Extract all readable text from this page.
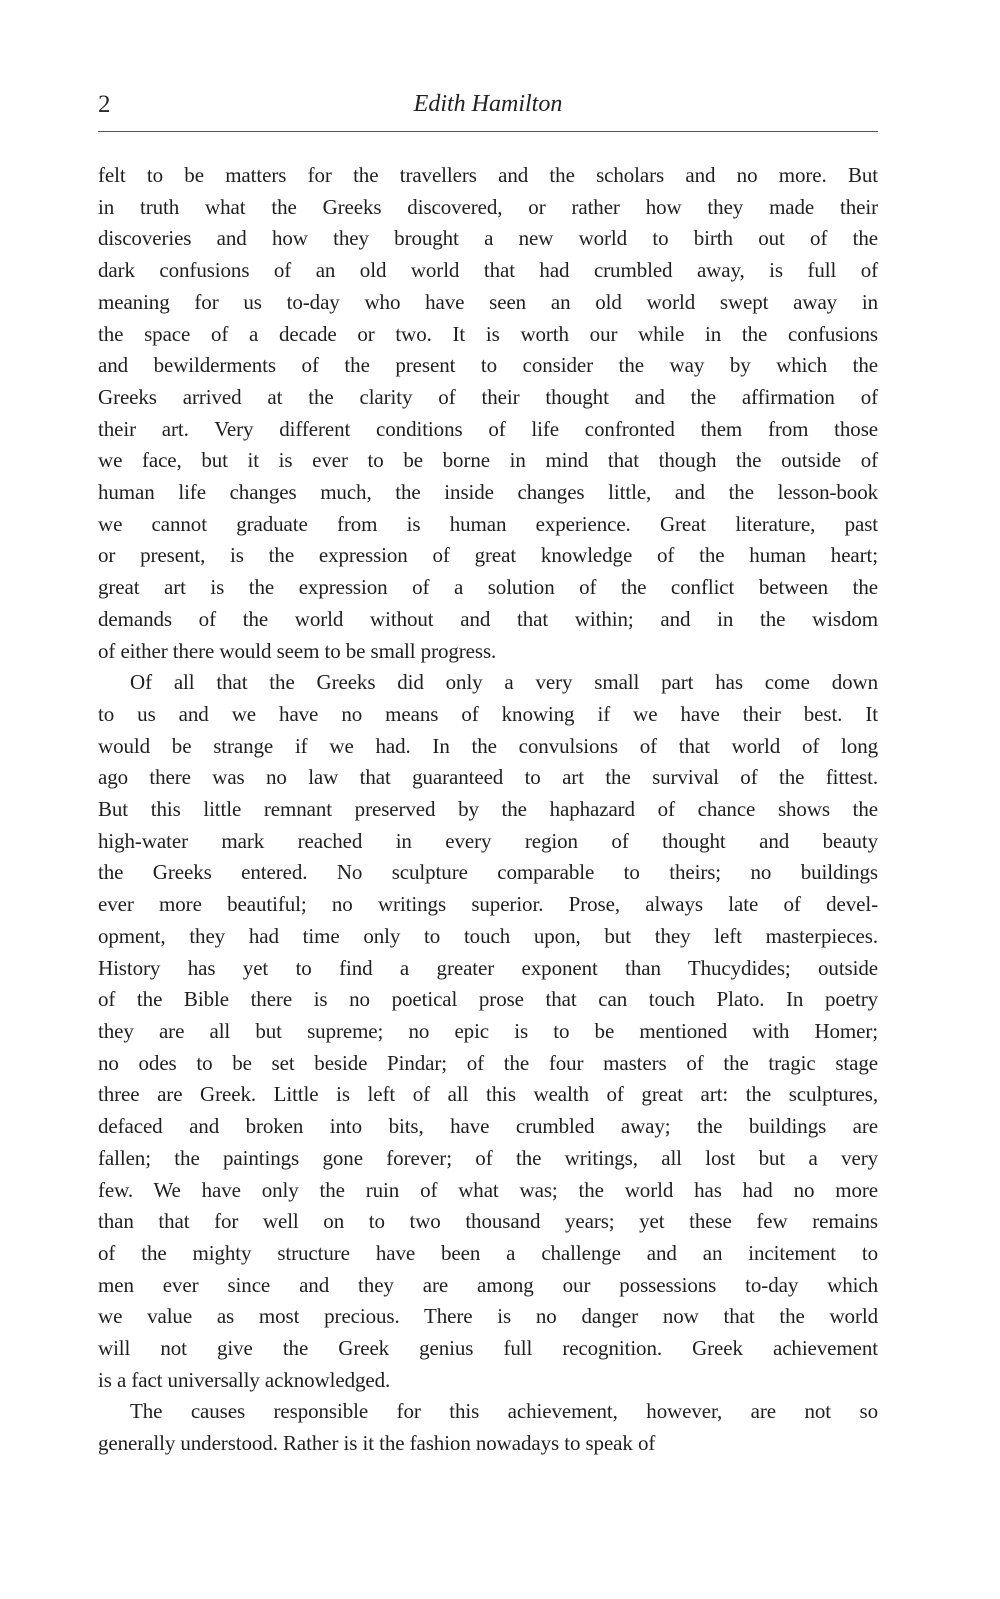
2	Edith Hamilton

felt to be matters for the travellers and the scholars and no more. But
in truth what the Greeks discovered, or rather how they made their
discoveries and how they brought a new world to birth out of the
dark confusions of an old world that had crumbled away, is full of
meaning for us to-day who have seen an old world swept away in
the space of a decade or two. It is worth our while in the confusions
and bewilderments of the present to consider the way by which the
Greeks arrived at the clarity of their thought and the affirmation of
their art. Very different conditions of life confronted them from those
we face, but it is ever to be borne in mind that though the outside of
human life changes much, the inside changes little, and the lesson-book
we cannot graduate from is human experience. Great literature, past
or present, is the expression of great knowledge of the human heart;
great art is the expression of a solution of the conflict between the
demands of the world without and that within; and in the wisdom
of either there would seem to be small progress.

Of all that the Greeks did only a very small part has come down
to us and we have no means of knowing if we have their best. It
would be strange if we had. In the convulsions of that world of long
ago there was no law that guaranteed to art the survival of the fittest.
But this little remnant preserved by the haphazard of chance shows the
high-water mark reached in every region of thought and beauty
the Greeks entered. No sculpture comparable to theirs; no buildings
ever more beautiful; no writings superior. Prose, always late of devel-
opment, they had time only to touch upon, but they left masterpieces.
History has yet to find a greater exponent than Thucydides; outside
of the Bible there is no poetical prose that can touch Plato. In poetry
they are all but supreme; no epic is to be mentioned with Homer;
no odes to be set beside Pindar; of the four masters of the tragic stage
three are Greek. Little is left of all this wealth of great art: the sculptures,
defaced and broken into bits, have crumbled away; the buildings are
fallen; the paintings gone forever; of the writings, all lost but a very
few. We have only the ruin of what was; the world has had no more
than that for well on to two thousand years; yet these few remains
of the mighty structure have been a challenge and an incitement to
men ever since and they are among our possessions to-day which
we value as most precious. There is no danger now that the world
will not give the Greek genius full recognition. Greek achievement
is a fact universally acknowledged.

The causes responsible for this achievement, however, are not so
generally understood. Rather is it the fashion nowadays to speak of
